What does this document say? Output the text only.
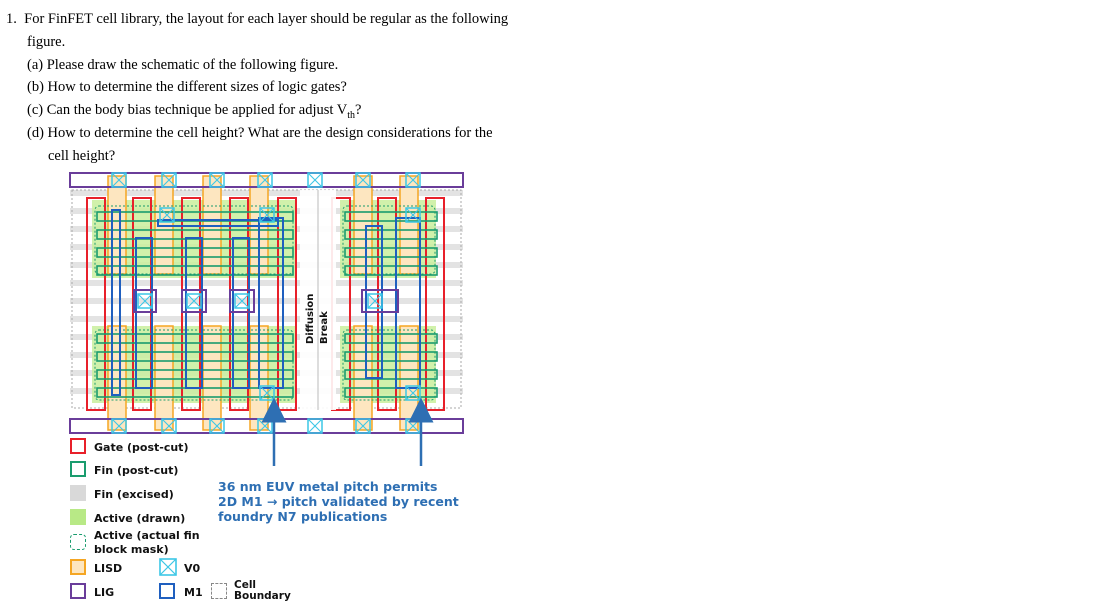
1. For FinFET cell library, the layout for each layer should be regular as the following
figure.
(a) Please draw the schematic of the following figure.
(b) How to determine the different sizes of logic gates?
(c) Can the body bias technique be applied for adjust $V_{th}$?
(d) How to determine the cell height? What are the design considerations for the
cell height?
Diffusion Break
36 nm EUV metal pitch permits
2D M1 → pitch validated by recent
foundry N7 publications
Gate (post-cut)
Fin (post-cut)
Fin (excised)
Active (drawn)
Active (actual fin
block mask)
LISD	V0
LIG	M1
Cell
Boundary
